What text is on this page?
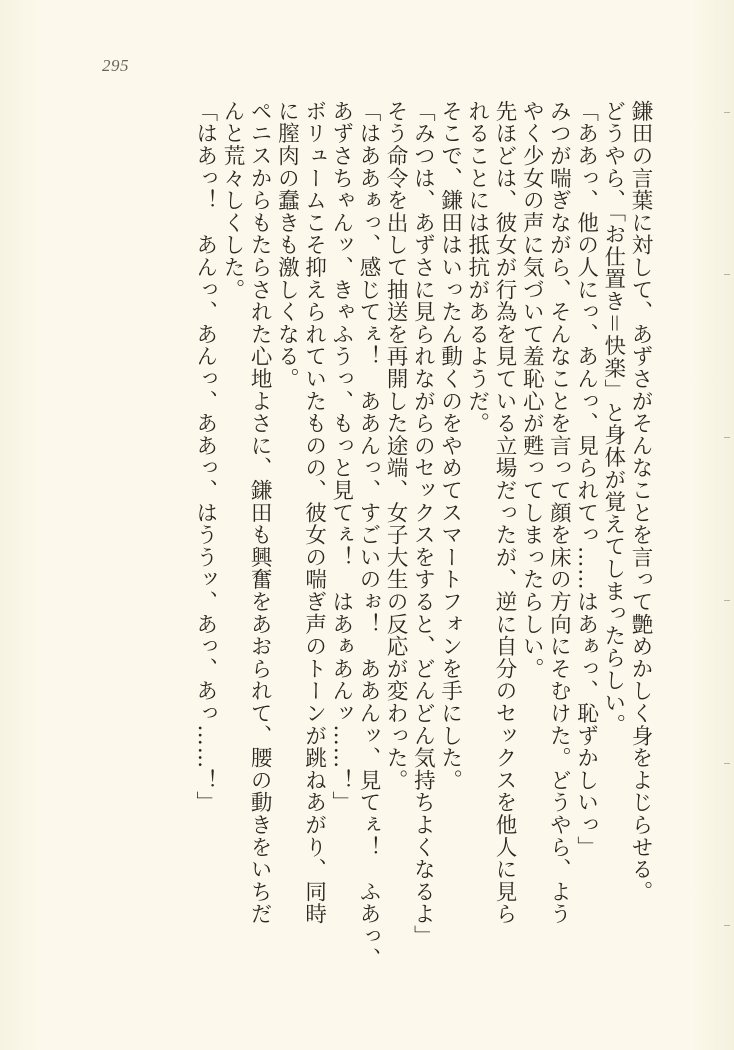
295

鎌田の言葉に対して、あずさがそんなことを言って艶めかしく身をよじらせる。

どうやら、「お仕置き＝快楽」と身体が覚えてしまったらしい。

「ああっ、他の人にっ、あんっ、見られてっ……はあぁっ、恥ずかしいっ」

みつが喘ぎながら、そんなことを言って顔を床の方向にそむけた。どうやら、よう

やく少女の声に気づいて羞恥心が甦ってしまったらしい。

先ほどは、彼女が行為を見ている立場だったが、逆に自分のセックスを他人に見ら

れることには抵抗があるようだ。

そこで、鎌田はいったん動くのをやめてスマートフォンを手にした。

「みつは、あずさに見られながらのセックスをすると、どんどん気持ちよくなるよ」

そう命令を出して抽送を再開した途端、女子大生の反応が変わった。

「はああぁっ、感じてぇ！　ああんっ、すごいのぉ！　ああんッ、見てぇ！　ふあっ、

あずさちゃんッ、きゃふうっ、もっと見てぇ！　はあぁあんッ……！」

ボリュームこそ抑えられていたものの、彼女の喘ぎ声のトーンが跳ねあがり、同時

に膣肉の蠢きも激しくなる。

ペニスからもたらされた心地よさに、鎌田も興奮をあおられて、腰の動きをいちだ

んと荒々しくした。

「はあっ！　あんっ、あんっ、ああっ、はううッ、あっ、あっ……！」
